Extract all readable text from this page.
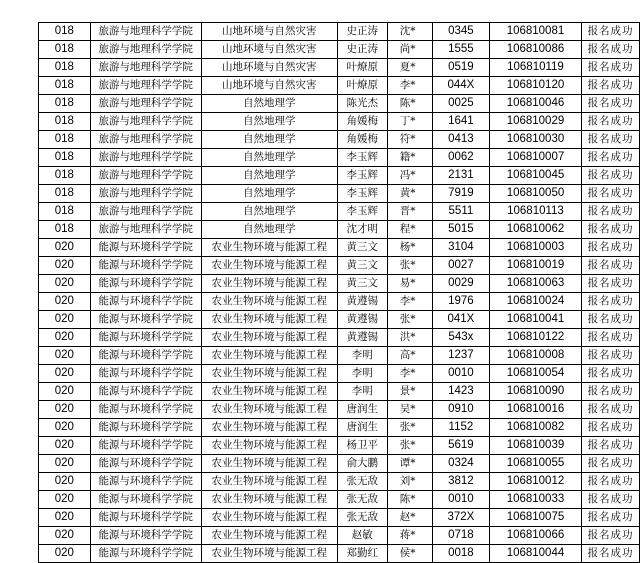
018	旅游与地理科学学院	山地环境与自然灾害	史正涛	沈*	0345	106810081	报名成功
018	旅游与地理科学学院	山地环境与自然灾害	史正涛	尚*	1555	106810086	报名成功
018	旅游与地理科学学院	山地环境与自然灾害	叶燎原	夏*	0519	106810119	报名成功
018	旅游与地理科学学院	山地环境与自然灾害	叶燎原	李*	044X	106810120	报名成功
018	旅游与地理科学学院	自然地理学	陈光杰	陈*	0025	106810046	报名成功
018	旅游与地理科学学院	自然地理学	角媛梅	丁*	1641	106810029	报名成功
018	旅游与地理科学学院	自然地理学	角媛梅	符*	0413	106810030	报名成功
018	旅游与地理科学学院	自然地理学	李玉辉	籍*	0062	106810007	报名成功
018	旅游与地理科学学院	自然地理学	李玉辉	冯*	2131	106810045	报名成功
018	旅游与地理科学学院	自然地理学	李玉辉	黄*	7919	106810050	报名成功
018	旅游与地理科学学院	自然地理学	李玉辉	晋*	5511	106810113	报名成功
018	旅游与地理科学学院	自然地理学	沈才明	程*	5015	106810062	报名成功
020	能源与环境科学学院	农业生物环境与能源工程	黄三文	杨*	3104	106810003	报名成功
020	能源与环境科学学院	农业生物环境与能源工程	黄三文	张*	0027	106810019	报名成功
020	能源与环境科学学院	农业生物环境与能源工程	黄三文	易*	0029	106810063	报名成功
020	能源与环境科学学院	农业生物环境与能源工程	黄遵锡	李*	1976	106810024	报名成功
020	能源与环境科学学院	农业生物环境与能源工程	黄遵锡	张*	041X	106810041	报名成功
020	能源与环境科学学院	农业生物环境与能源工程	黄遵锡	洪*	543x	106810122	报名成功
020	能源与环境科学学院	农业生物环境与能源工程	李明	高*	1237	106810008	报名成功
020	能源与环境科学学院	农业生物环境与能源工程	李明	李*	0010	106810054	报名成功
020	能源与环境科学学院	农业生物环境与能源工程	李明	景*	1423	106810090	报名成功
020	能源与环境科学学院	农业生物环境与能源工程	唐润生	吴*	0910	106810016	报名成功
020	能源与环境科学学院	农业生物环境与能源工程	唐润生	张*	1152	106810082	报名成功
020	能源与环境科学学院	农业生物环境与能源工程	杨卫平	张*	5619	106810039	报名成功
020	能源与环境科学学院	农业生物环境与能源工程	俞大鹏	谭*	0324	106810055	报名成功
020	能源与环境科学学院	农业生物环境与能源工程	张无敌	刘*	3812	106810012	报名成功
020	能源与环境科学学院	农业生物环境与能源工程	张无敌	陈*	0010	106810033	报名成功
020	能源与环境科学学院	农业生物环境与能源工程	张无敌	赵*	372X	106810075	报名成功
020	能源与环境科学学院	农业生物环境与能源工程	赵敏	蒋*	0718	106810066	报名成功
020	能源与环境科学学院	农业生物环境与能源工程	郑勤红	侯*	0018	106810044	报名成功
